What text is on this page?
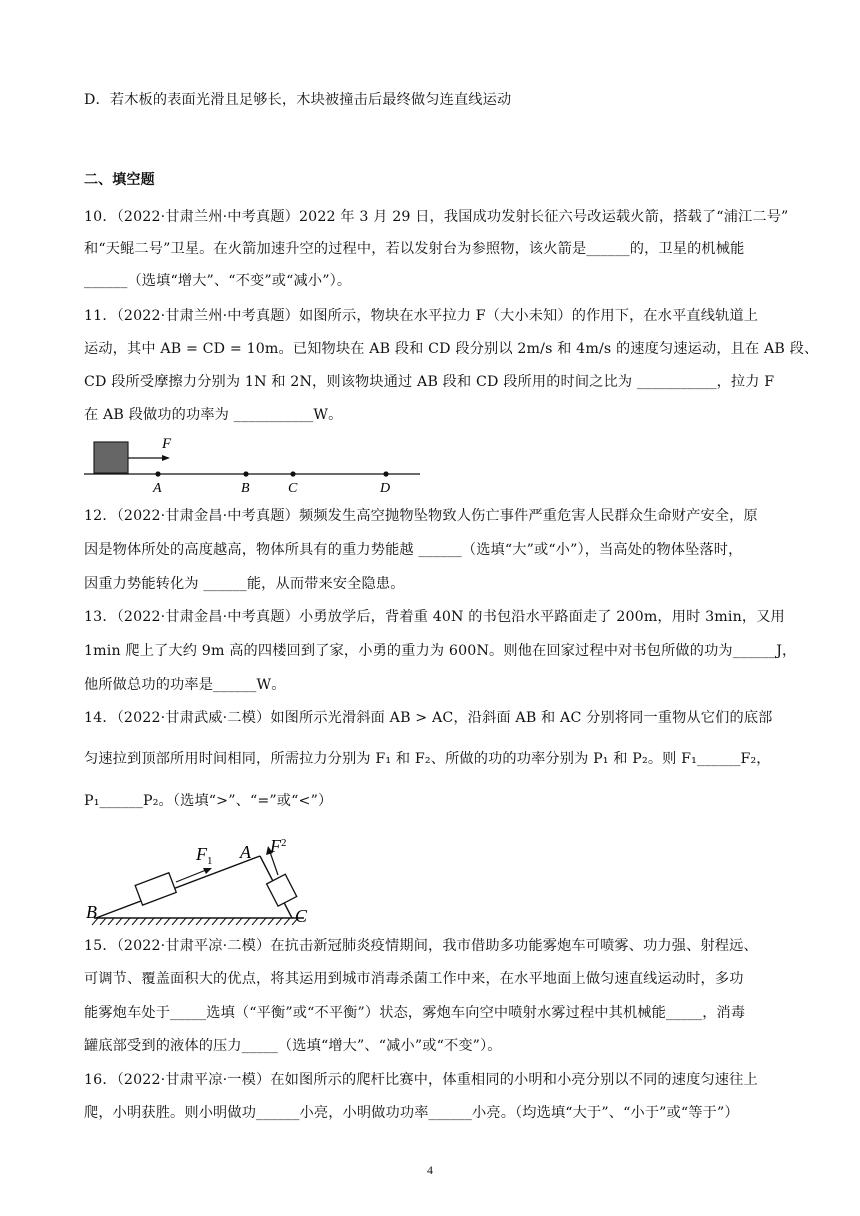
D．若木板的表面光滑且足够长，木块被撞击后最终做匀连直线运动
二、填空题
10．（2022·甘肃兰州·中考真题）2022 年 3 月 29 日，我国成功发射长征六号改运载火箭，搭载了“浦江二号”
和“天鲲二号”卫星。在火箭加速升空的过程中，若以发射台为参照物，该火箭是______的，卫星的机械能
______（选填“增大”、“不变”或“减小”）。
11．（2022·甘肃兰州·中考真题）如图所示，物块在水平拉力 F（大小未知）的作用下，在水平直线轨道上
运动，其中 AB = CD = 10m。已知物块在 AB 段和 CD 段分别以 2m/s 和 4m/s 的速度匀速运动，且在 AB 段、
CD 段所受摩擦力分别为 1N 和 2N，则该物块通过 AB 段和 CD 段所用的时间之比为 ___________，拉力 F
在 AB 段做功的功率为 ___________W。
F
A	B	C	D
12．（2022·甘肃金昌·中考真题）频频发生高空抛物坠物致人伤亡事件严重危害人民群众生命财产安全，原
因是物体所处的高度越高，物体所具有的重力势能越 ______（选填“大”或“小”），当高处的物体坠落时，
因重力势能转化为 ______能，从而带来安全隐患。
13．（2022·甘肃金昌·中考真题）小勇放学后，背着重 40N 的书包沿水平路面走了 200m，用时 3min，又用
1min 爬上了大约 9m 高的四楼回到了家，小勇的重力为 600N。则他在回家过程中对书包所做的功为______J，
他所做总功的功率是______W。
14．（2022·甘肃武威·二模）如图所示光滑斜面 AB > AC，沿斜面 AB 和 AC 分别将同一重物从它们的底部
匀速拉到顶部所用时间相同，所需拉力分别为 F₁ 和 F₂、所做的功的功率分别为 P₁ 和 P₂。则 F₁______F₂，
P₁______P₂。（选填“>”、“=”或“<”）
$F_1$
$F^2$
A
B	C
15．（2022·甘肃平凉·二模）在抗击新冠肺炎疫情期间，我市借助多功能雾炮车可喷雾、功力强、射程远、
可调节、覆盖面积大的优点，将其运用到城市消毒杀菌工作中来，在水平地面上做匀速直线运动时，多功
能雾炮车处于_____选填（“平衡”或“不平衡”）状态，雾炮车向空中喷射水雾过程中其机械能_____，消毒
罐底部受到的液体的压力_____（选填“增大”、“减小”或“不变”）。
16．（2022·甘肃平凉·一模）在如图所示的爬杆比赛中，体重相同的小明和小亮分别以不同的速度匀速往上
爬，小明获胜。则小明做功______小亮，小明做功功率______小亮。（均选填“大于”、“小于”或“等于”）
4
